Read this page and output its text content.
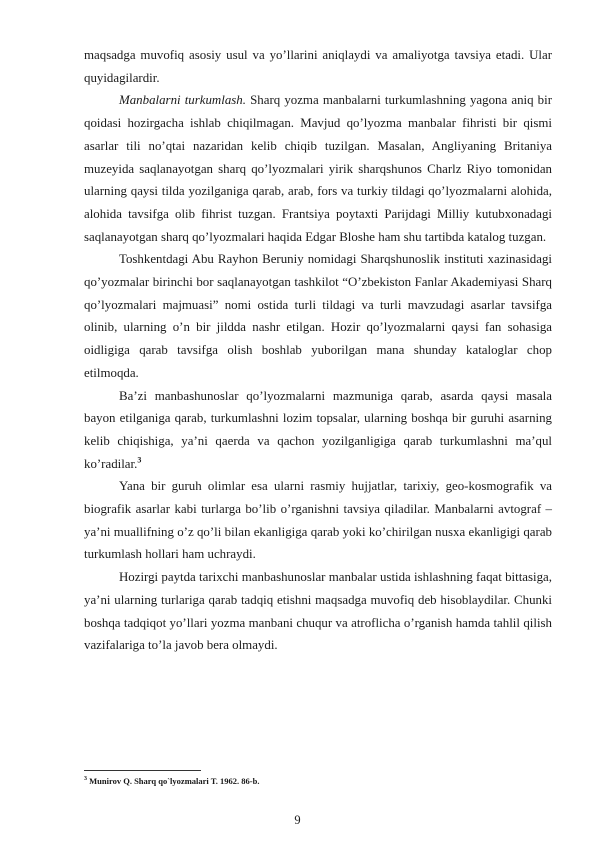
maqsadga muvofiq asosiy usul va yo’llarini aniqlaydi va amaliyotga tavsiya etadi. Ular quyidagilardir.

Manbalarni turkumlash. Sharq yozma manbalarni turkumlashning yagona aniq bir qoidasi hozirgacha ishlab chiqilmagan. Mavjud qo’lyozma manbalar fihristi bir qismi asarlar tili no’qtai nazaridan kelib chiqib tuzilgan. Masalan, Angliyaning Britaniya muzeyida saqlanayotgan sharq qo’lyozmalari yirik sharqshunos Charlz Riyo tomonidan ularning qaysi tilda yozilganiga qarab, arab, fors va turkiy tildagi qo’lyozmalarni alohida, alohida tavsifga olib fihrist tuzgan. Frantsiya poytaxti Parijdagi Milliy kutubxonadagi saqlanayotgan sharq qo’lyozmalari haqida Edgar Bloshe ham shu tartibda katalog tuzgan.

Toshkentdagi Abu Rayhon Beruniy nomidagi Sharqshunoslik instituti xazinasidagi qo’yozmalar birinchi bor saqlanayotgan tashkilot “O’zbekiston Fanlar Akademiyasi Sharq qo’lyozmalari majmuasi” nomi ostida turli tildagi va turli mavzudagi asarlar tavsifga olinib, ularning o’n bir jildda nashr etilgan. Hozir qo’lyozmalarni qaysi fan sohasiga oidligiga qarab tavsifga olish boshlab yuborilgan mana shunday kataloglar chop etilmoqda.

Ba’zi manbashunoslar qo’lyozmalarni mazmuniga qarab, asarda qaysi masala bayon etilganiga qarab, turkumlashni lozim topsalar, ularning boshqa bir guruhi asarning kelib chiqishiga, ya’ni qaerda va qachon yozilganligiga qarab turkumlashni ma’qul ko’radilar.$^3$

Yana bir guruh olimlar esa ularni rasmiy hujjatlar, tarixiy, geo-kosmografik va biografik asarlar kabi turlarga bo’lib o’rganishni tavsiya qiladilar. Manbalarni avtograf – ya’ni muallifning o’z qo’li bilan ekanligiga qarab yoki ko’chirilgan nusxa ekanligigi qarab turkumlash hollari ham uchraydi.

Hozirgi paytda tarixchi manbashunoslar manbalar ustida ishlashning faqat bittasiga, ya’ni ularning turlariga qarab tadqiq etishni maqsadga muvofiq deb hisoblaydilar. Chunki boshqa tadqiqot yo’llari yozma manbani chuqur va atroflicha o’rganish hamda tahlil qilish vazifalariga to’la javob bera olmaydi.

$^3$ Munirov Q. Sharq qo`lyozmalari T. 1962. 86-b.
9
